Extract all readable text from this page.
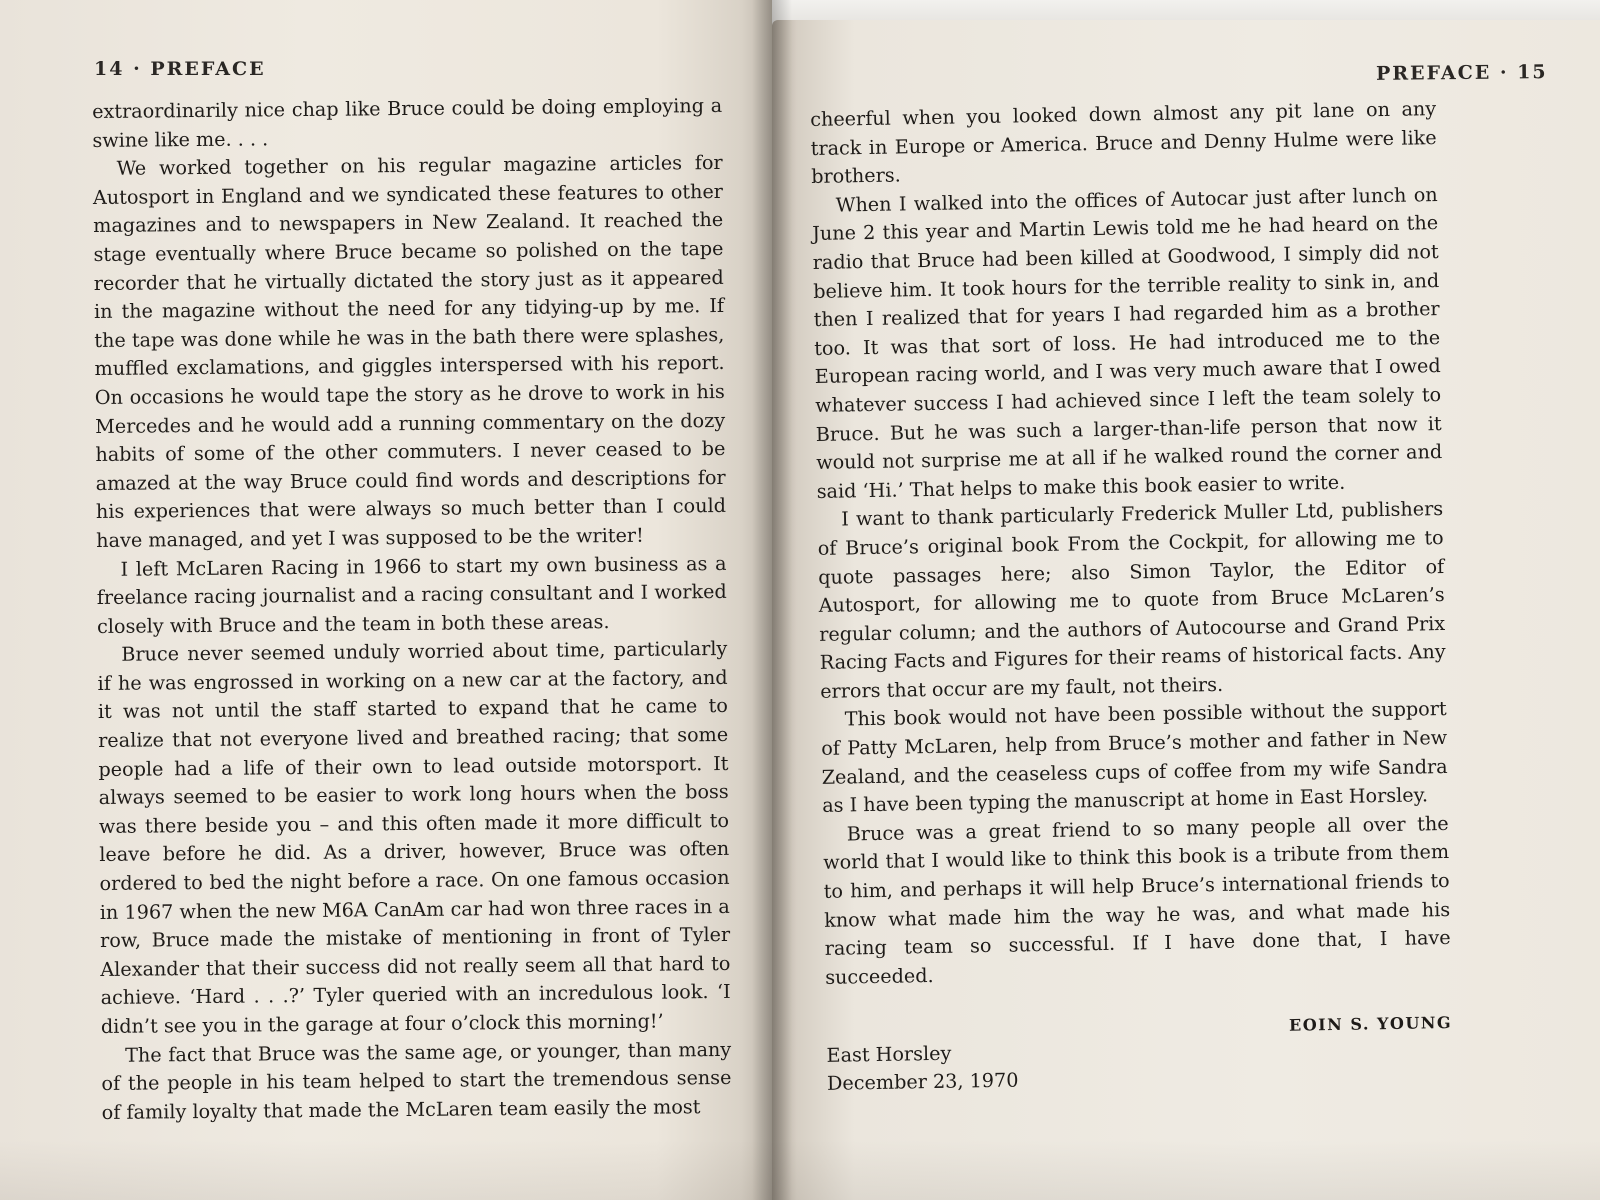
14 · PREFACE

extraordinarily nice chap like Bruce could be doing employing a swine like me. . . .

We worked together on his regular magazine articles for Autosport in England and we syndicated these features to other magazines and to newspapers in New Zealand. It reached the stage eventually where Bruce became so polished on the tape recorder that he virtually dictated the story just as it appeared in the magazine without the need for any tidying-up by me. If the tape was done while he was in the bath there were splashes, muffled exclamations, and giggles interspersed with his report. On occasions he would tape the story as he drove to work in his Mercedes and he would add a running commentary on the dozy habits of some of the other commuters. I never ceased to be amazed at the way Bruce could find words and descriptions for his experiences that were always so much better than I could have managed, and yet I was supposed to be the writer!

I left McLaren Racing in 1966 to start my own business as a freelance racing journalist and a racing consultant and I worked closely with Bruce and the team in both these areas.

Bruce never seemed unduly worried about time, particularly if he was engrossed in working on a new car at the factory, and it was not until the staff started to expand that he came to realize that not everyone lived and breathed racing; that some people had a life of their own to lead outside motorsport. It always seemed to be easier to work long hours when the boss was there beside you – and this often made it more difficult to leave before he did. As a driver, however, Bruce was often ordered to bed the night before a race. On one famous occasion in 1967 when the new M6A CanAm car had won three races in a row, Bruce made the mistake of mentioning in front of Tyler Alexander that their success did not really seem all that hard to achieve. ‘Hard . . .?’ Tyler queried with an incredulous look. ‘I didn’t see you in the garage at four o’clock this morning!’

The fact that Bruce was the same age, or younger, than many of the people in his team helped to start the tremendous sense of family loyalty that made the McLaren team easily the most

PREFACE · 15

cheerful when you looked down almost any pit lane on any track in Europe or America. Bruce and Denny Hulme were like brothers.

When I walked into the offices of Autocar just after lunch on June 2 this year and Martin Lewis told me he had heard on the radio that Bruce had been killed at Goodwood, I simply did not believe him. It took hours for the terrible reality to sink in, and then I realized that for years I had regarded him as a brother too. It was that sort of loss. He had introduced me to the European racing world, and I was very much aware that I owed whatever success I had achieved since I left the team solely to Bruce. But he was such a larger-than-life person that now it would not surprise me at all if he walked round the corner and said ‘Hi.’ That helps to make this book easier to write.

I want to thank particularly Frederick Muller Ltd, publishers of Bruce’s original book From the Cockpit, for allowing me to quote passages here; also Simon Taylor, the Editor of Autosport, for allowing me to quote from Bruce McLaren’s regular column; and the authors of Autocourse and Grand Prix Racing Facts and Figures for their reams of historical facts. Any errors that occur are my fault, not theirs.

This book would not have been possible without the support of Patty McLaren, help from Bruce’s mother and father in New Zealand, and the ceaseless cups of coffee from my wife Sandra as I have been typing the manuscript at home in East Horsley.

Bruce was a great friend to so many people all over the world that I would like to think this book is a tribute from them to him, and perhaps it will help Bruce’s international friends to know what made him the way he was, and what made his racing team so successful. If I have done that, I have succeeded.

EOIN S. YOUNG
East Horsley
December 23, 1970
